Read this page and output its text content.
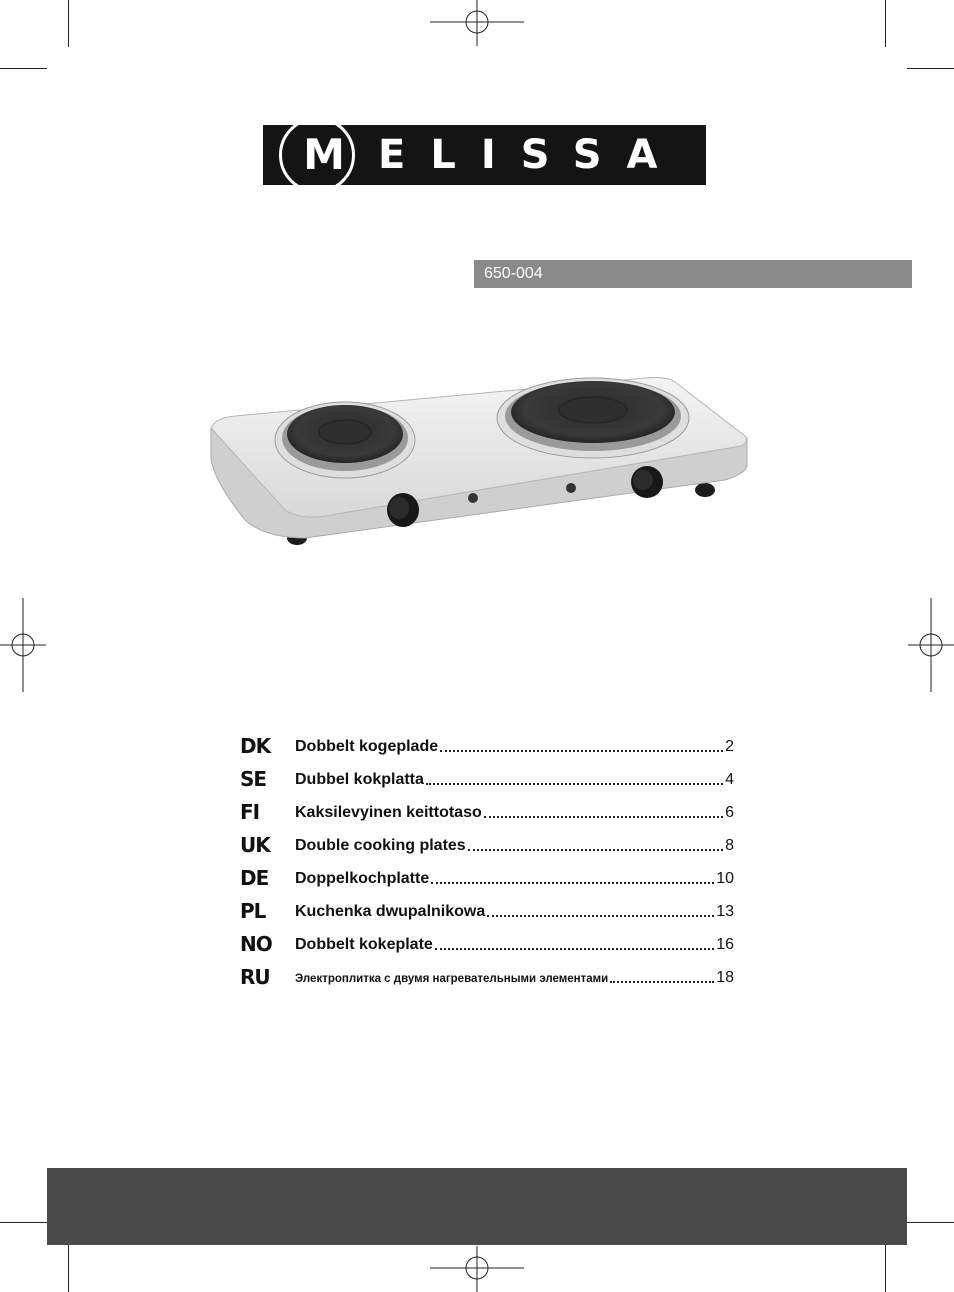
M ELISSA
650-004
DK	Dobbelt kogeplade	2
SE	Dubbel kokplatta	4
FI	Kaksilevyinen keittotaso	6
UK	Double cooking plates	8
DE	Doppelkochplatte	10
PL	Kuchenka dwupalnikowa	13
NO	Dobbelt kokeplate	16
RU	Электроплитка с двумя нагревательными элементами	18
